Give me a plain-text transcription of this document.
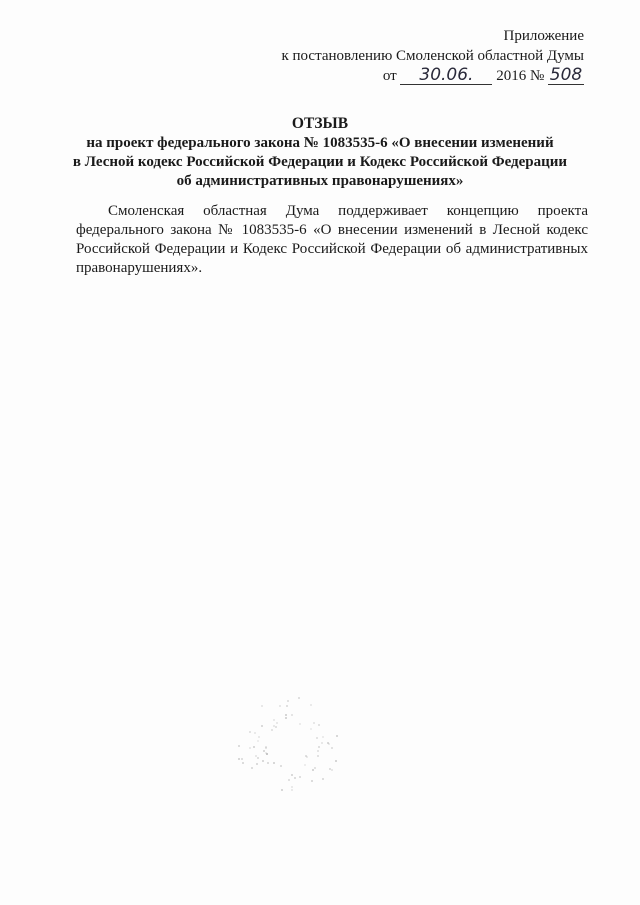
Приложение
к постановлению Смоленской областной Думы
от 30.06. 2016 № 508
ОТЗЫВ
на проект федерального закона № 1083535-6 «О внесении изменений
в Лесной кодекс Российской Федерации и Кодекс Российской Федерации
об административных правонарушениях»

Смоленская областная Дума поддерживает концепцию проекта федерального закона № 1083535-6 «О внесении изменений в Лесной кодекс Российской Федерации и Кодекс Российской Федерации об административных правонарушениях».
